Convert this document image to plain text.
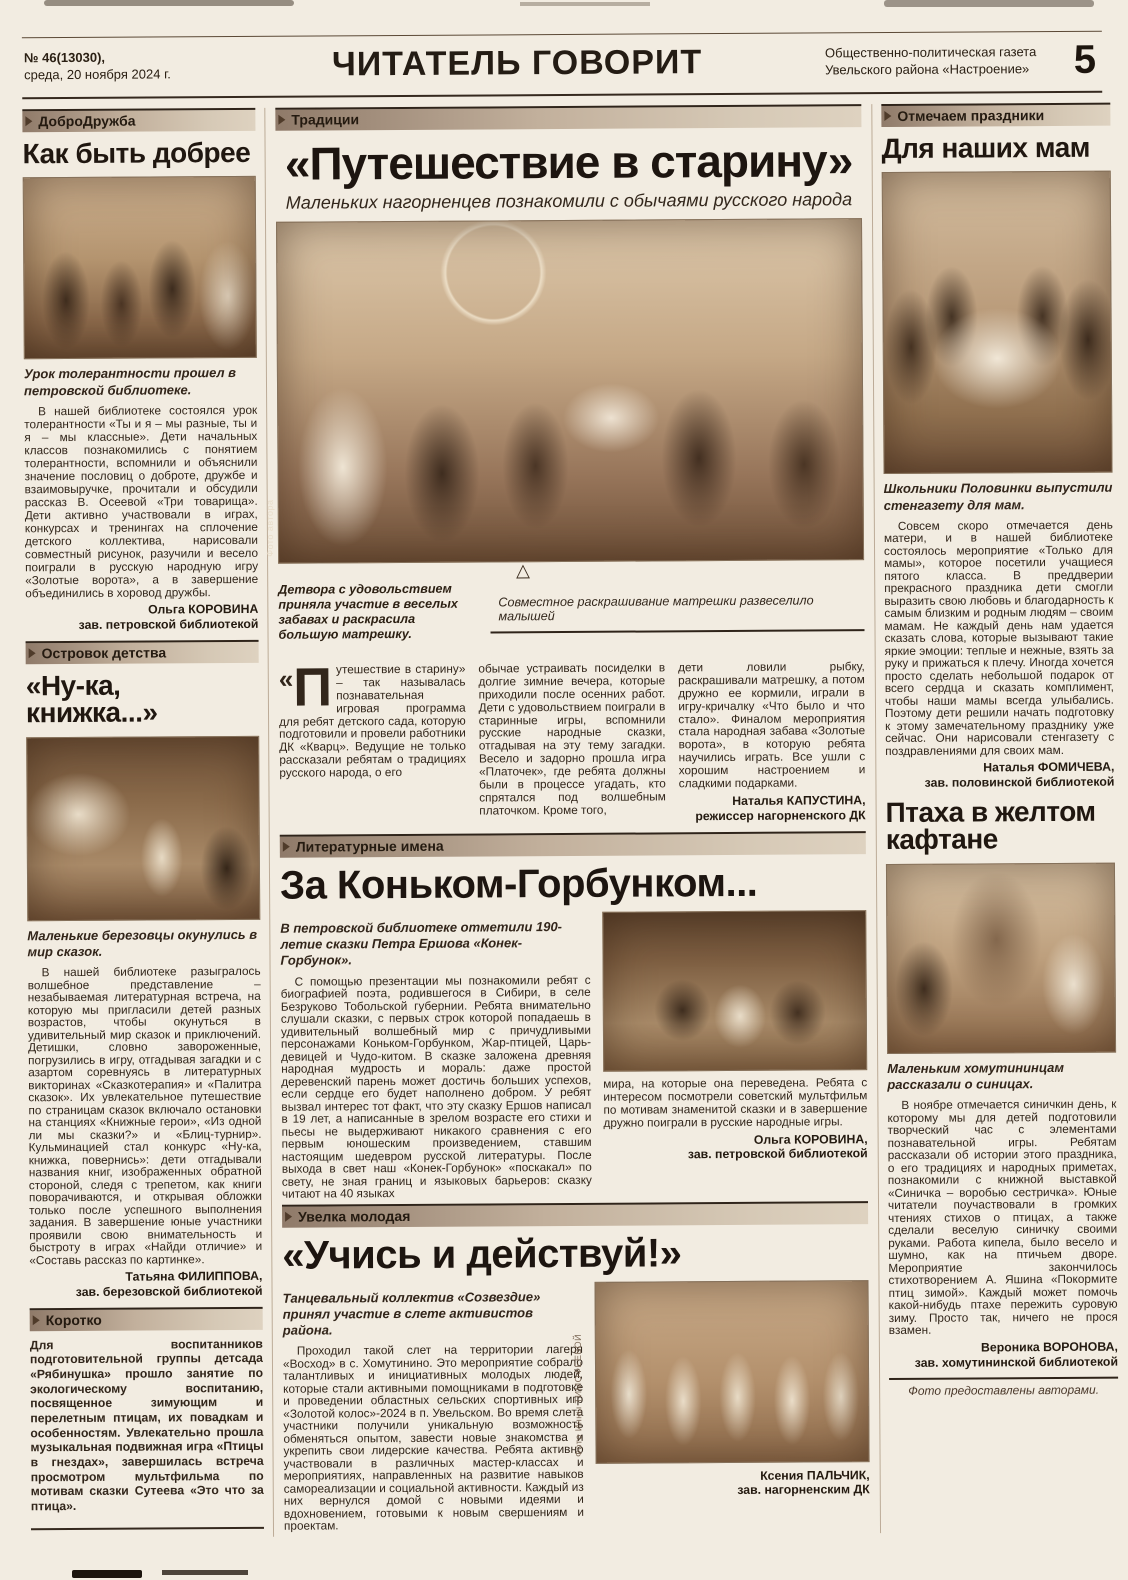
№ 46(13030),
среда, 20 ноября 2024 г.	ЧИТАТЕЛЬ ГОВОРИТ	Общественно-политическая газета
Увельского района «Настроение»	5
ДоброДружба
Как быть добрее

Урок толерантности прошел в петровской библиотеке.

В нашей библиотеке состоялся урок толерантности «Ты и я – мы разные, ты и я – мы классные». Дети начальных классов познакомились с понятием толерантности, вспомнили и объяснили значение пословиц о доброте, дружбе и взаимовыручке, прочитали и обсудили рассказ В. Осеевой «Три товарища». Дети активно участвовали в играх, конкурсах и тренингах на сплочение детского коллектива, нарисовали совместный рисунок, разучили и весело поиграли в русскую народную игру «Золотые ворота», а в завершение объединились в хоровод дружбы.

Ольга КОРОВИНА
зав. петровской библиотекой
Островок детства
«Ну-ка, книжка...»

Маленькие березовцы окунулись в мир сказок.

В нашей библиотеке разыгралось волшебное представление – незабываемая литературная встреча, на которую мы пригласили детей разных возрастов, чтобы окунуться в удивительный мир сказок и приключений. Детишки, словно завороженные, погрузились в игру, отгадывая загадки и с азартом соревнуясь в литературных викторинах «Сказкотерапия» и «Палитра сказок». Их увлекательное путешествие по страницам сказок включало остановки на станциях «Книжные герои», «Из одной ли мы сказки?» и «Блиц-турнир». Кульминацией стал конкурс «Ну-ка, книжка, повернись»: дети отгадывали названия книг, изображенных обратной стороной, следя с трепетом, как книги поворачиваются, и открывая обложки только после успешного выполнения задания. В завершение юные участники проявили свою внимательность и быстроту в играх «Найди отличие» и «Составь рассказ по картинке».

Татьяна ФИЛИППОВА,
зав. березовской библиотекой
Коротко

Для воспитанников подготовительной группы детсада «Рябинушка» прошло занятие по экологическому воспитанию, посвященное зимующим и перелетным птицам, их повадкам и особенностям. Увлекательно прошла музыкальная подвижная игра «Птицы в гнездах», завершилась встреча просмотром мультфильма по мотивам сказки Сутеева «Это что за птица».

Традиции
«Путешествие в старину»

Маленьких нагорненцев познакомили с обычаями русского народа

Фото автора
△

Детвора с удовольствием приняла участие в веселых забавах и раскрасила большую матрешку.

Совместное раскрашивание матрешки развеселило малышей

«П утешествие в старину» – так называлась познавательная игровая программа для ребят детского сада, которую подготовили и провели работники ДК «Кварц». Ведущие не только рассказали ребятам о традициях русского народа, о его

обычае устраивать посиделки в долгие зимние вечера, которые приходили после осенних работ. Дети с удовольствием поиграли в старинные игры, вспомнили русские народные сказки, отгадывая на эту тему загадки. Весело и задорно прошла игра «Платочек», где ребята должны были в процессе угадать, кто спрятался под волшебным платочком. Кроме того,

дети ловили рыбку, раскрашивали матрешку, а потом дружно ее кормили, играли в игру-кричалку «Что было и что стало». Финалом мероприятия стала народная забава «Золотые ворота», в которую ребята научились играть. Все ушли с хорошим настроением и сладкими подарками.

Наталья КАПУСТИНА,
режиссер нагорненского ДК
Литературные имена
За Коньком-Горбунком...

В петровской библиотеке отметили 190-летие сказки Петра Ершова «Конек-Горбунок».

С помощью презентации мы познакомили ребят с биографией поэта, родившегося в Сибири, в селе Безруково Тобольской губернии. Ребята внимательно слушали сказки, с первых строк которой попадаешь в удивительный волшебный мир с причудливыми персонажами Коньком-Горбунком, Жар-птицей, Царь-девицей и Чудо-китом. В сказке заложена древняя народная мудрость и мораль: даже простой деревенский парень может достичь больших успехов, если сердце его будет наполнено добром. У ребят вызвал интерес тот факт, что эту сказку Ершов написал в 19 лет, а написанные в зрелом возрасте его стихи и пьесы не выдерживают никакого сравнения с его первым юношеским произведением, ставшим настоящим шедевром русской литературы. После выхода в свет наш «Конек-Горбунок» «поскакал» по свету, не зная границ и языковых барьеров: сказку читают на 40 языках

мира, на которые она переведена. Ребята с интересом посмотрели советский мультфильм по мотивам знаменитой сказки и в завершение дружно поиграли в русские народные игры.

Ольга КОРОВИНА,
зав. петровской библиотекой
Увелка молодая
«Учись и действуй!»

Танцевальный коллектив «Созвездие» принял участие в слете активистов района.

Проходил такой слет на территории лагеря «Восход» в с. Хомутинино. Это мероприятие собрало талантливых и инициативных молодых людей, которые стали активными помощниками в подготовке и проведении областных сельских спортивных игр «Золотой колос»-2024 в п. Увельском. Во время слета участники получили уникальную возможность обменяться опытом, завести новые знакомства и укрепить свои лидерские качества. Ребята активно участвовали в различных мастер-классах и мероприятиях, направленных на развитие навыков самореализации и социальной активности. Каждый из них вернулся домой с новыми идеями и вдохновением, готовыми к новым свершениям и проектам.

Фото Инны ТИМОФЕЕВОЙ
Ксения ПАЛЬЧИК,
зав. нагорненским ДК
Отмечаем праздники
Для наших мам

Школьники Половинки выпустили стенгазету для мам.

Совсем скоро отмечается день матери, и в нашей библиотеке состоялось мероприятие «Только для мамы», которое посетили учащиеся пятого класса. В преддверии прекрасного праздника дети смогли выразить свою любовь и благодарность к самым близким и родным людям – своим мамам. Не каждый день нам удается сказать слова, которые вызывают такие яркие эмоции: теплые и нежные, взять за руку и прижаться к плечу. Иногда хочется просто сделать небольшой подарок от всего сердца и сказать комплимент, чтобы наши мамы всегда улыбались. Поэтому дети решили начать подготовку к этому замечательному празднику уже сейчас. Они нарисовали стенгазету с поздравлениями для своих мам.

Наталья ФОМИЧЕВА,
зав. половинской библиотекой
Птаха в желтом кафтане

Маленьким хомутининцам рассказали о синицах.

В ноябре отмечается синичкин день, к которому мы для детей подготовили творческий час с элементами познавательной игры. Ребятам рассказали об истории этого праздника, о его традициях и народных приметах, познакомили с книжной выставкой «Синичка – воробью сестричка». Юные читатели поучаствовали в громких чтениях стихов о птицах, а также сделали веселую синичку своими руками. Работа кипела, было весело и шумно, как на птичьем дворе. Мероприятие закончилось стихотворением А. Яшина «Покормите птиц зимой». Каждый может помочь какой-нибудь птахе пережить суровую зиму. Просто так, ничего не прося взамен.

Вероника ВОРОНОВА,
зав. хомутининской библиотекой
Фото предоставлены авторами.
